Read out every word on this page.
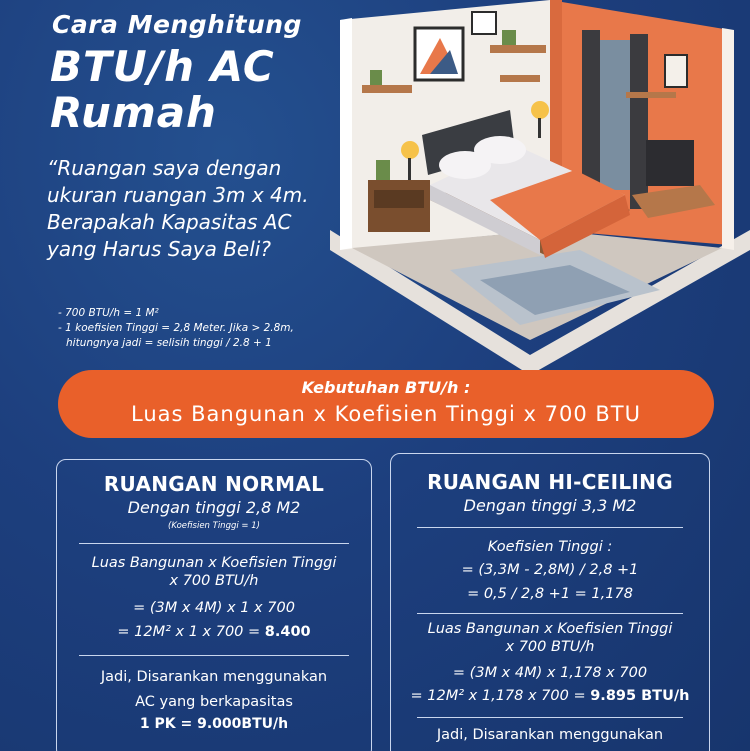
Cara Menghitung
BTU/h AC
Rumah
“Ruangan saya dengan
ukuran ruangan 3m x 4m.
Berapakah Kapasitas AC
yang Harus Saya Beli?
- 700 BTU/h = 1 M²
- 1 koefisien Tinggi = 2,8 Meter. Jika > 2.8m,
hitungnya jadi = selisih tinggi / 2.8 + 1
Kebutuhan BTU/h :
Luas Bangunan x Koefisien Tinggi x 700 BTU
RUANGAN NORMAL
Dengan tinggi 2,8 M2
(Koefisien Tinggi = 1)
Luas Bangunan x Koefisien Tinggi
x 700 BTU/h
= (3M x 4M) x 1 x 700
= 12M² x 1 x 700 = 8.400
Jadi, Disarankan menggunakan
AC yang berkapasitas
1 PK = 9.000BTU/h
RUANGAN HI-CEILING
Dengan tinggi 3,3 M2
Koefisien Tinggi :
= (3,3M - 2,8M) / 2,8 +1
= 0,5 / 2,8 +1 = 1,178
Luas Bangunan x Koefisien Tinggi
x 700 BTU/h
= (3M x 4M) x 1,178 x 700
= 12M² x 1,178 x 700 = 9.895 BTU/h
Jadi, Disarankan menggunakan
